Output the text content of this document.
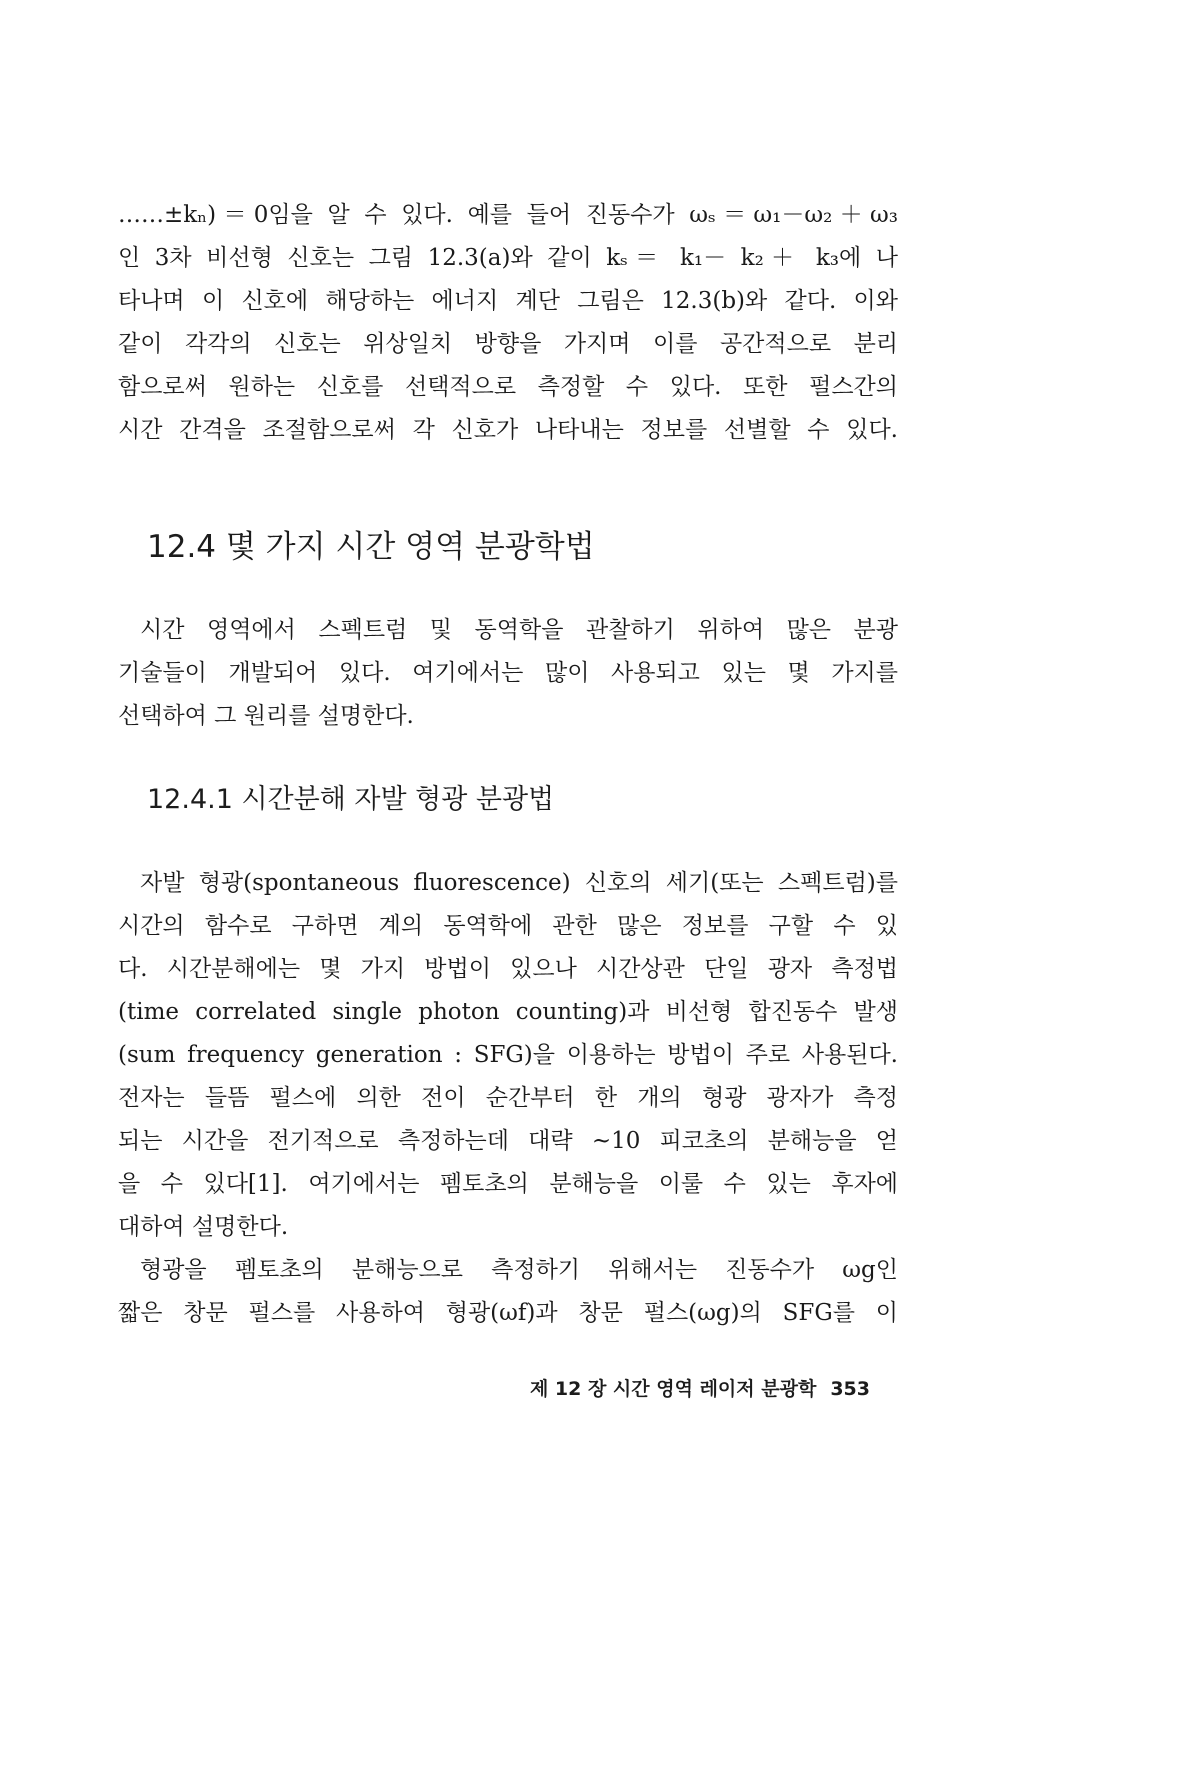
……±kₙ)＝0임을 알 수 있다. 예를 들어 진동수가 ωₛ＝ω₁－ω₂＋ω₃
인 3차 비선형 신호는 그림 12.3(a)와 같이 kₛ＝ k₁－ k₂＋ k₃에 나
타나며 이 신호에 해당하는 에너지 계단 그림은 12.3(b)와 같다. 이와
같이 각각의 신호는 위상일치 방향을 가지며 이를 공간적으로 분리
함으로써 원하는 신호를 선택적으로 측정할 수 있다. 또한 펄스간의
시간 간격을 조절함으로써 각 신호가 나타내는 정보를 선별할 수 있다.
12.4 몇 가지 시간 영역 분광학법
시간 영역에서 스펙트럼 및 동역학을 관찰하기 위하여 많은 분광
기술들이 개발되어 있다. 여기에서는 많이 사용되고 있는 몇 가지를
선택하여 그 원리를 설명한다.
12.4.1 시간분해 자발 형광 분광법
자발 형광(spontaneous fluorescence) 신호의 세기(또는 스펙트럼)를
시간의 함수로 구하면 계의 동역학에 관한 많은 정보를 구할 수 있
다. 시간분해에는 몇 가지 방법이 있으나 시간상관 단일 광자 측정법
(time correlated single photon counting)과 비선형 합진동수 발생
(sum frequency generation : SFG)을 이용하는 방법이 주로 사용된다.
전자는 들뜸 펄스에 의한 전이 순간부터 한 개의 형광 광자가 측정
되는 시간을 전기적으로 측정하는데 대략 ~10 피코초의 분해능을 얻
을 수 있다[1]. 여기에서는 펨토초의 분해능을 이룰 수 있는 후자에
대하여 설명한다.
형광을 펨토초의 분해능으로 측정하기 위해서는 진동수가 ωg인
짧은 창문 펄스를 사용하여 형광(ωf)과 창문 펄스(ωg)의 SFG를 이
제 12 장 시간 영역 레이저 분광학 353
